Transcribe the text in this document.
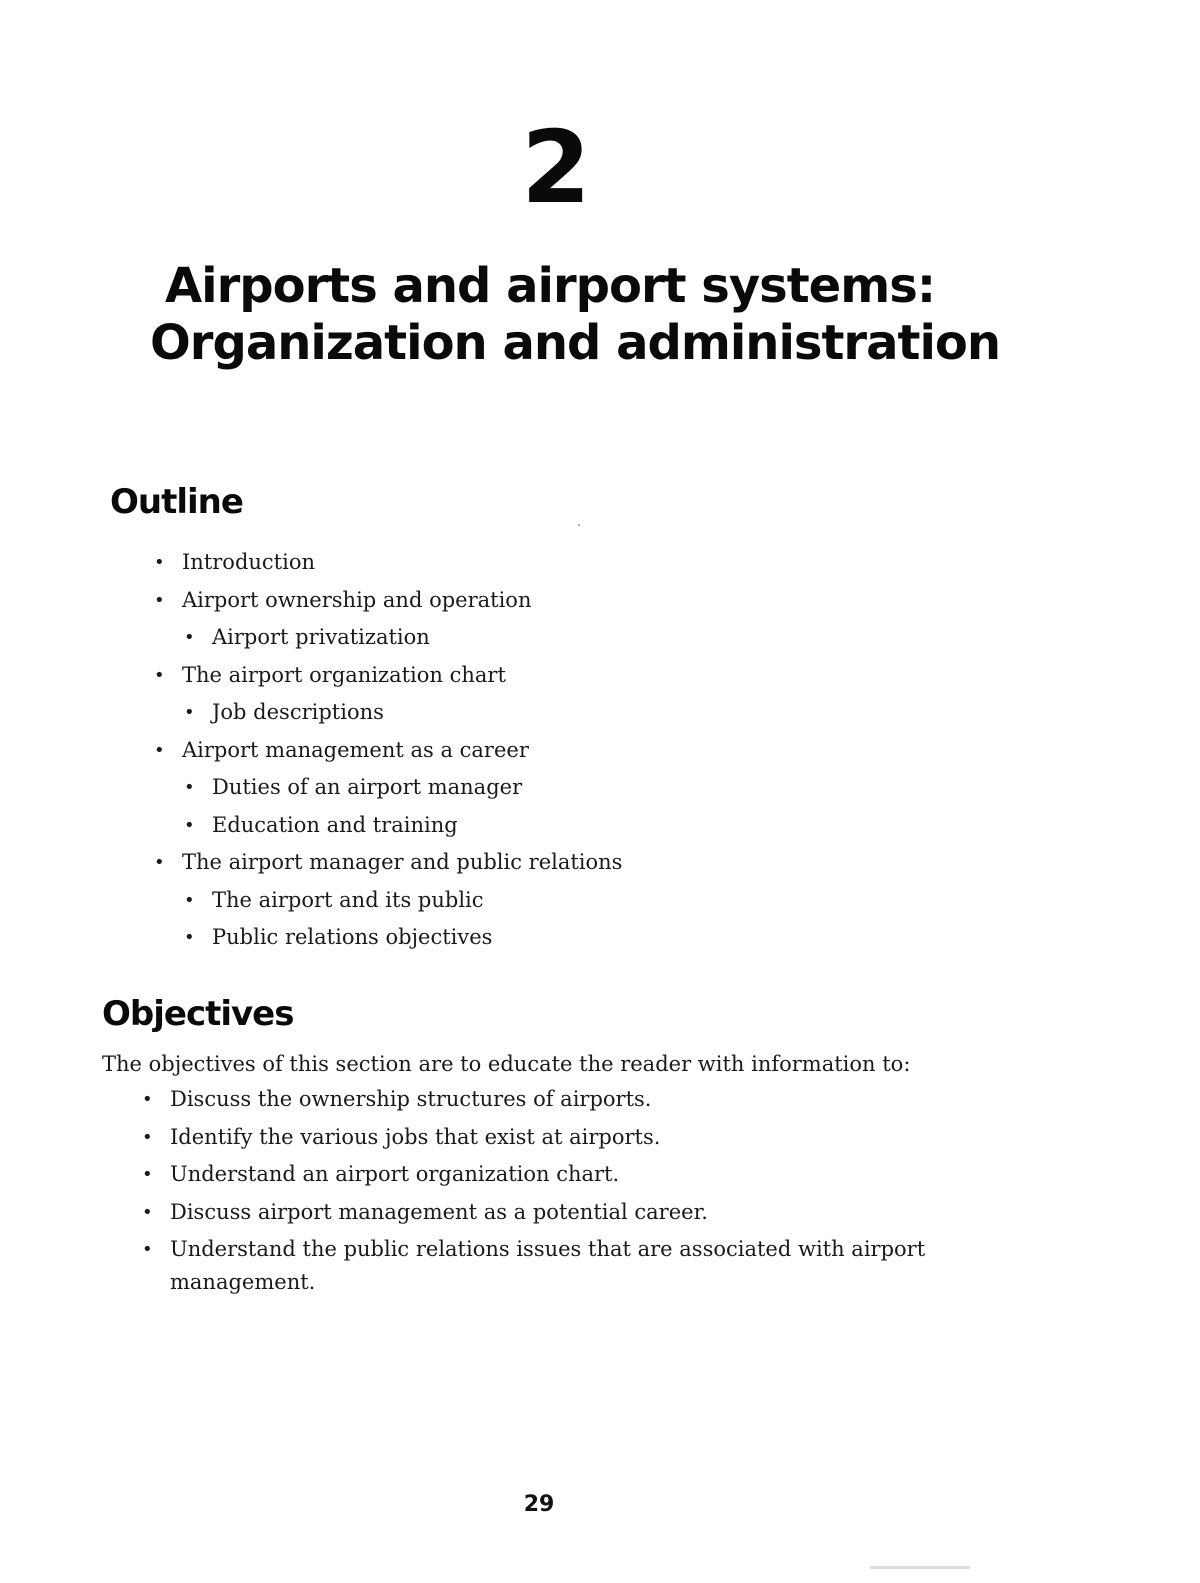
2
Airports and airport systems:
Organization and administration
Outline
• Introduction
• Airport ownership and operation
• Airport privatization
• The airport organization chart
• Job descriptions
• Airport management as a career
• Duties of an airport manager
• Education and training
• The airport manager and public relations
• The airport and its public
• Public relations objectives
Objectives

The objectives of this section are to educate the reader with information to:

• Discuss the ownership structures of airports.
• Identify the various jobs that exist at airports.
• Understand an airport organization chart.
• Discuss airport management as a potential career.
• Understand the public relations issues that are associated with airport management.
29
